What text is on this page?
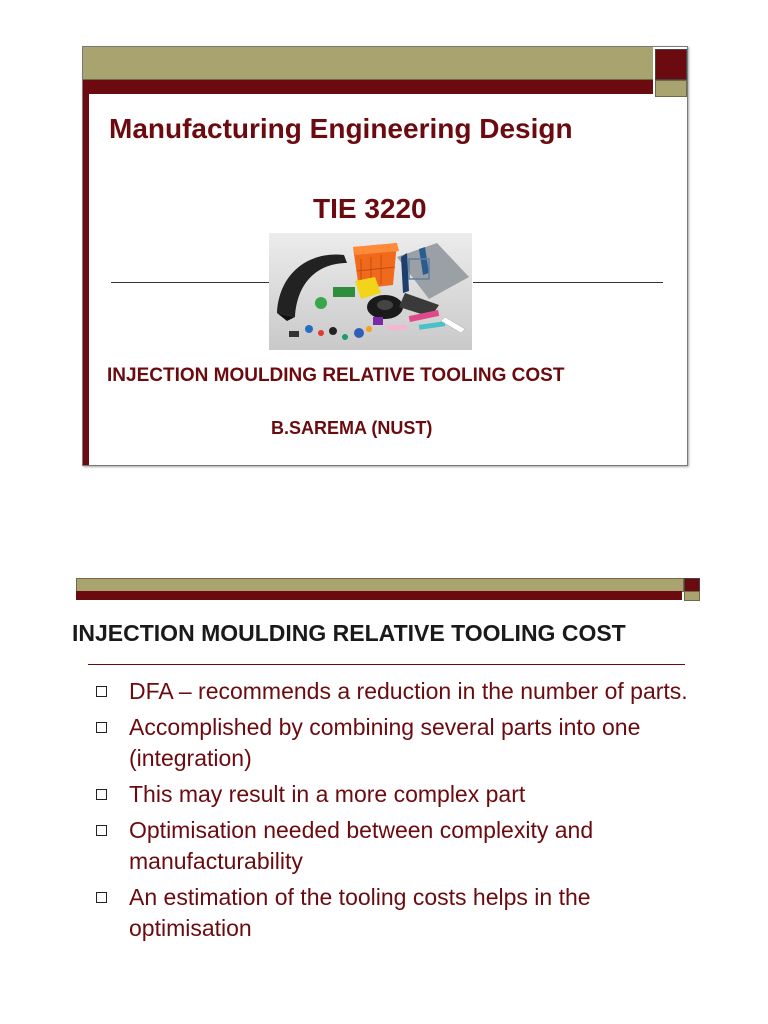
Manufacturing Engineering Design
TIE 3220
INJECTION MOULDING RELATIVE TOOLING COST

B.SAREMA (NUST)

INJECTION MOULDING RELATIVE TOOLING COST
DFA – recommends a reduction in the number of parts.
Accomplished by combining several parts into one (integration)
This may result in a more complex part
Optimisation needed between complexity and manufacturability
An estimation of the tooling costs helps in the optimisation
